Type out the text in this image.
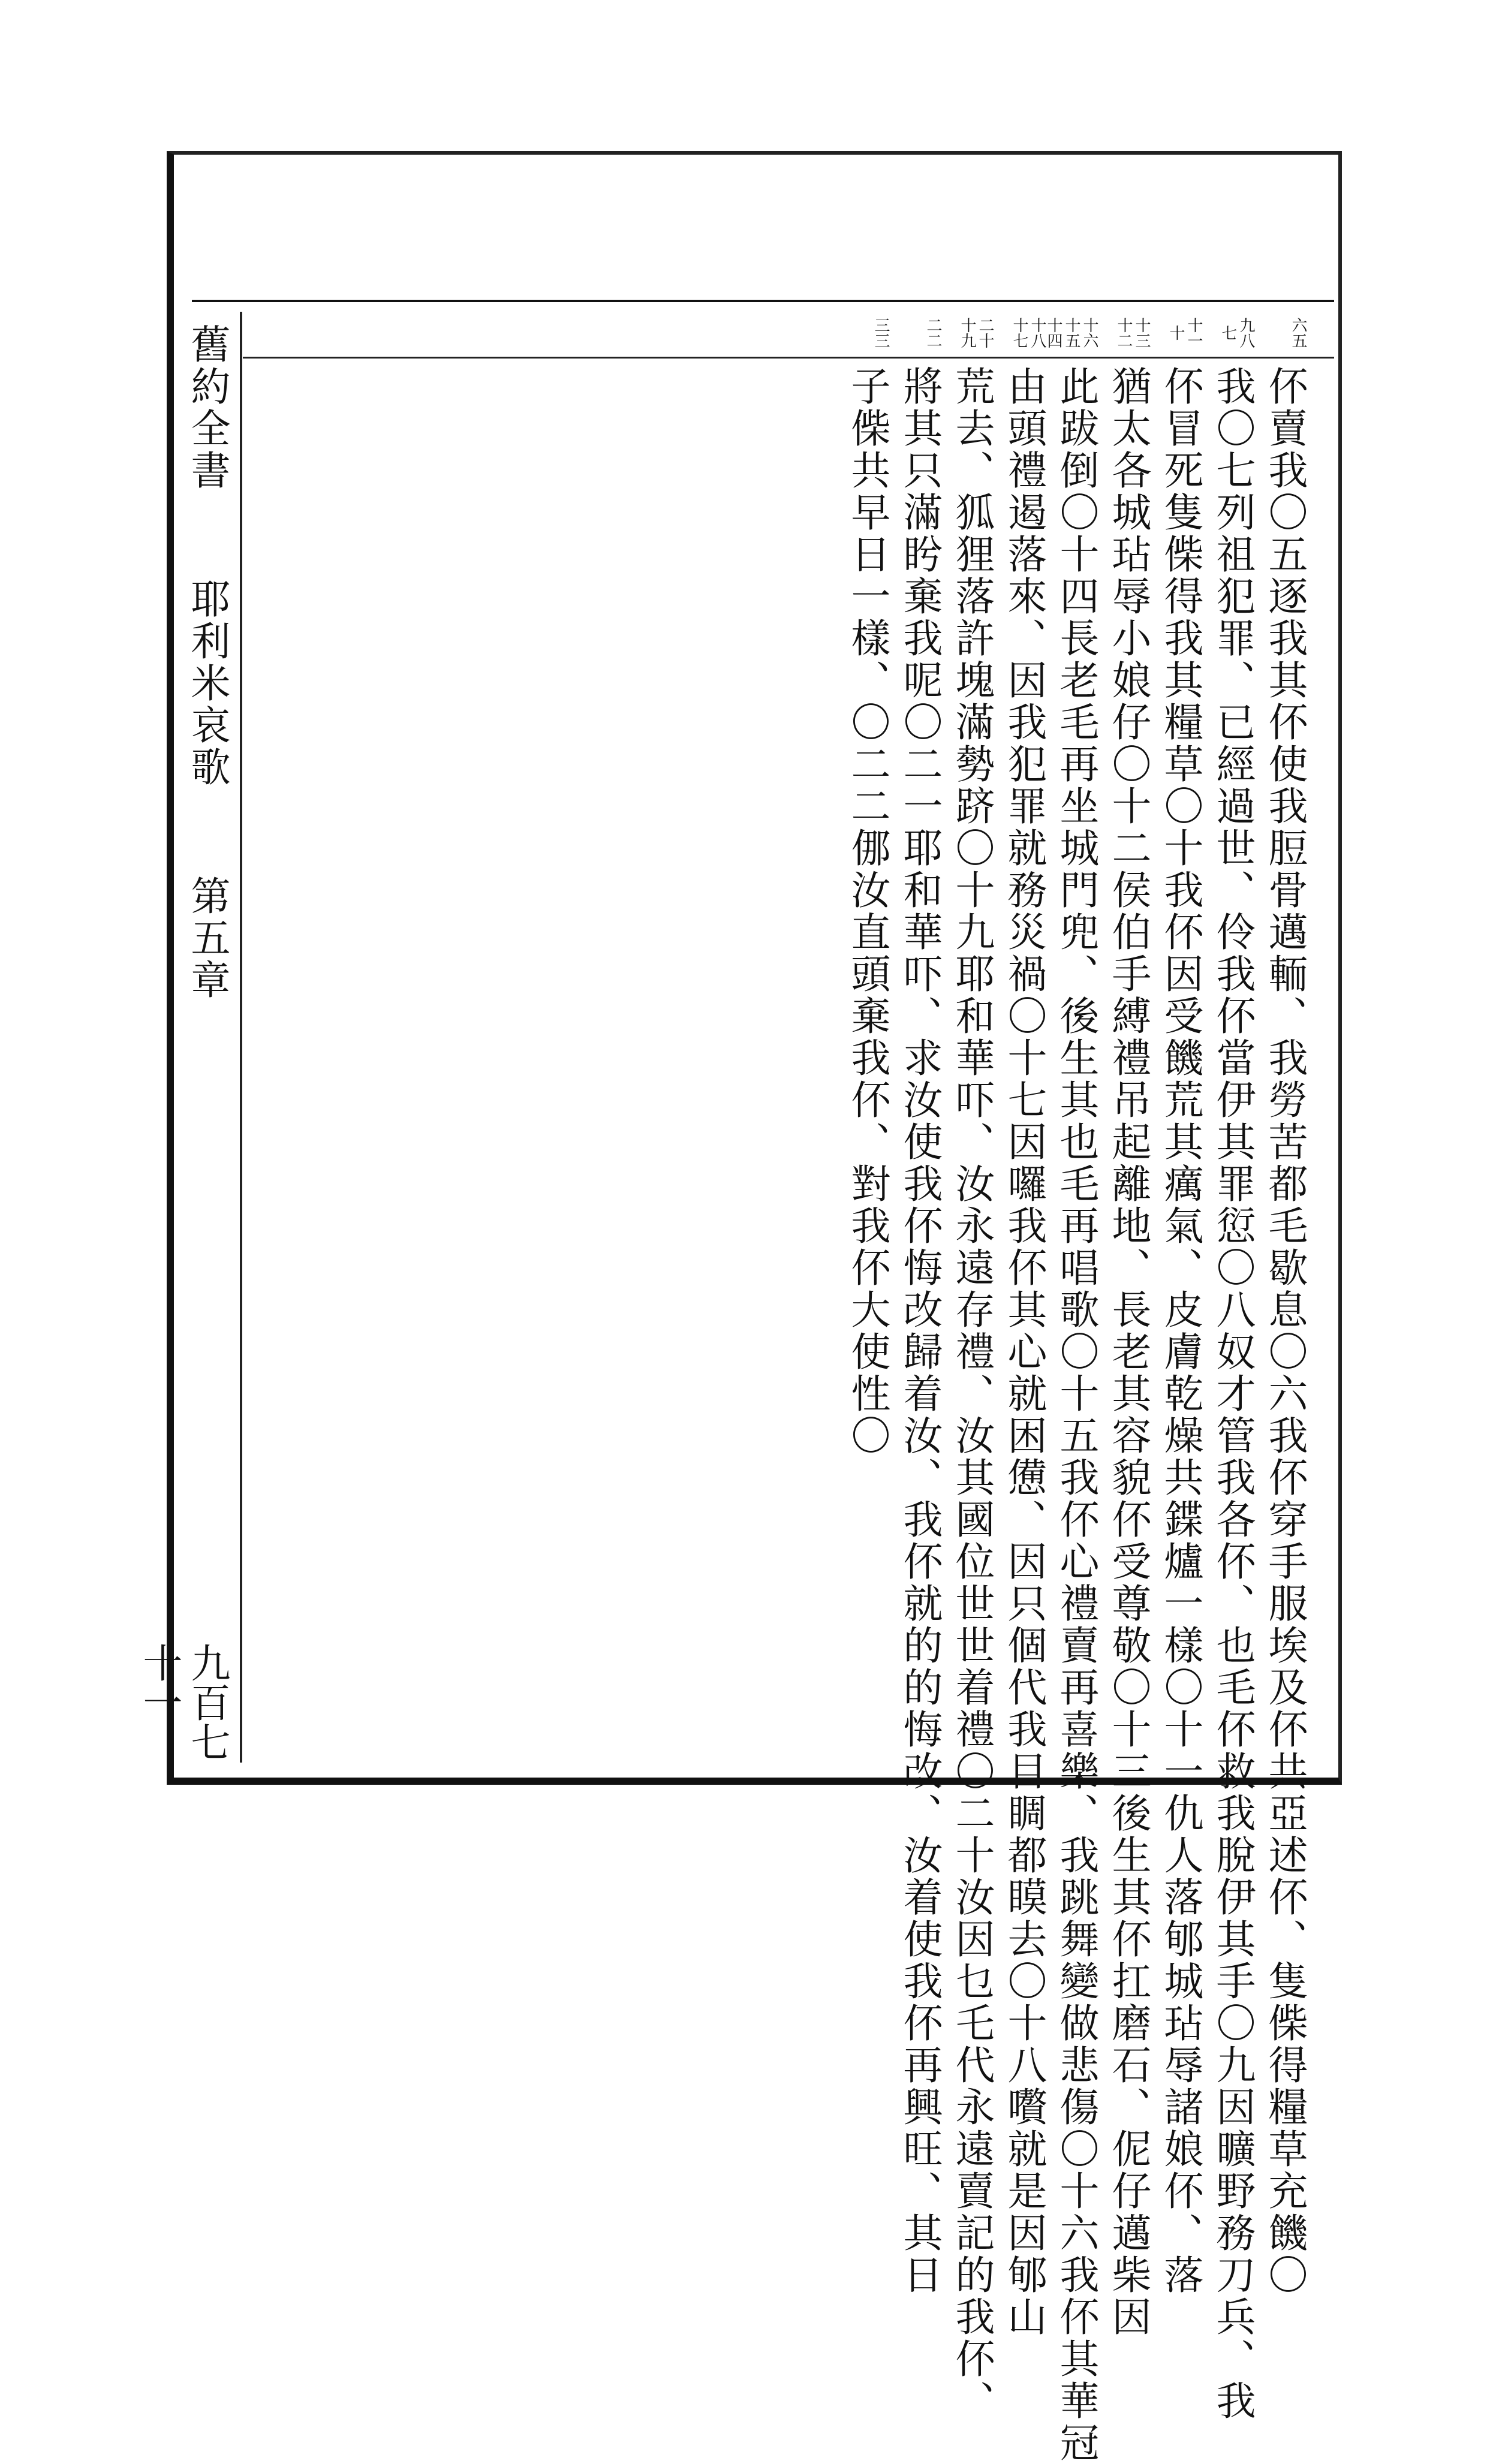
舊約全書 耶利米哀歌 第五章
九百七十一
六五
九八七
十一十
十三十二
十六十五十四
十八十七
二十十九
二二
三三
伓賣我〇五逐我其伓使我脰骨邁輀、我勞苦都毛歇息〇六我伓穿手服埃及伓共亞述伓、隻偨得糧草充饑〇
我〇七列祖犯罪、已經過世、伶我伓當伊其罪愆〇八奴才管我各伓、也毛伓救我脫伊其手〇九因曠野務刀兵、我
伓冒死隻偨得我其糧草〇十我伓因受饑荒其癘氣、皮膚乾燥共鍱爐一樣〇十一仇人落郇城玷辱諸娘伓、落
猶太各城玷辱小娘仔〇十二侯伯手縛禮吊起離地、長老其容貌伓受尊敬〇十三後生其伓扛磨石、伲仔邁柴因
此跋倒〇十四長老毛再坐城門兜、後生其也毛再唱歌〇十五我伓心禮賣再喜樂、我跳舞變做悲傷〇十六我伓其華冠
由頭禮遏落來、因我犯罪就務災禍〇十七因囉我伓其心就困憊、因只個代我目睭都瞙去〇十八嚽就是因郇山
荒去、狐狸落許塊滿勢跻〇十九耶和華吓、汝永遠存禮、汝其國位世世着禮〇二十汝因乜乇代永遠賣記的我伓、
將其只滿盻棄我呢〇二一耶和華吓、求汝使我伓悔改歸着汝、我伓就的的悔改、汝着使我伓再興旺、其日
子偨共早日一樣、〇二二㑚汝直頭棄我伓、對我伓大使性〇
